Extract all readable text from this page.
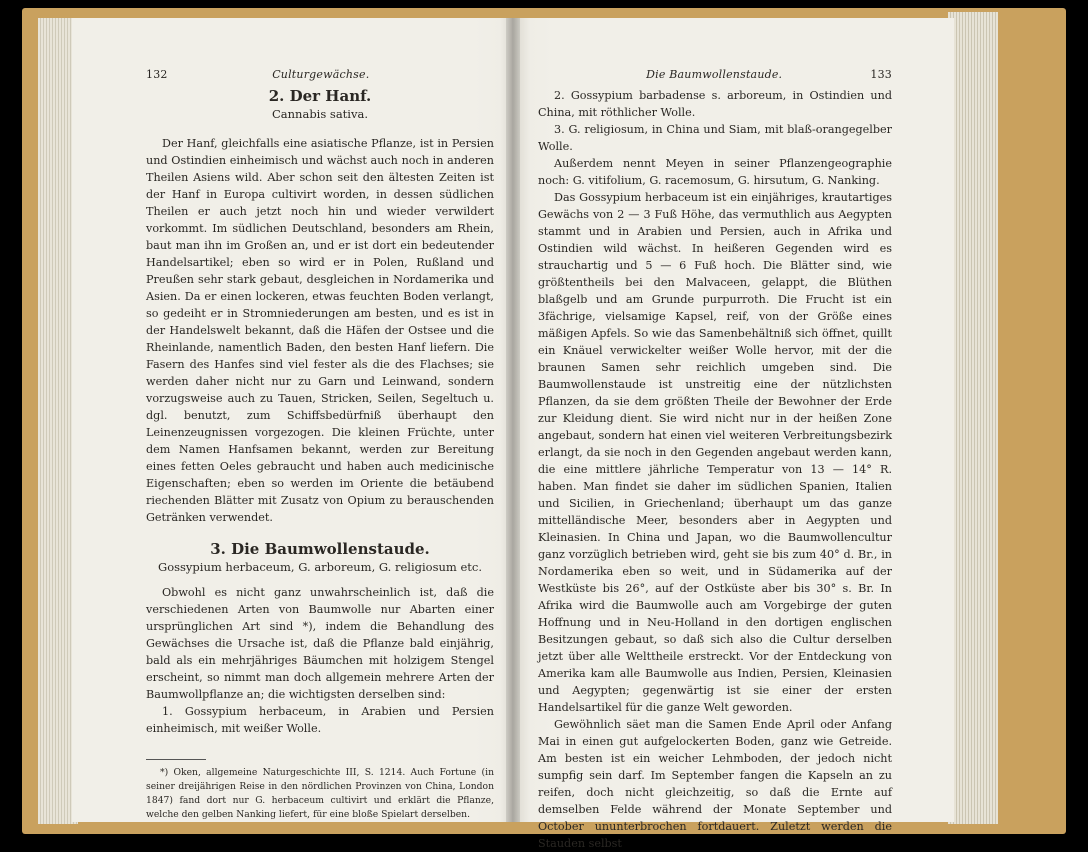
132	Culturgewächse.
2. Der Hanf.
Cannabis sativa.

Der Hanf, gleichfalls eine asiatische Pflanze, ist in Persien und Ostindien einheimisch und wächst auch noch in anderen Theilen Asiens wild. Aber schon seit den ältesten Zeiten ist der Hanf in Europa cultivirt worden, in dessen südlichen Theilen er auch jetzt noch hin und wieder verwildert vorkommt. Im südlichen Deutschland, besonders am Rhein, baut man ihn im Großen an, und er ist dort ein bedeutender Handelsartikel; eben so wird er in Polen, Rußland und Preußen sehr stark gebaut, desgleichen in Nordamerika und Asien. Da er einen lockeren, etwas feuchten Boden verlangt, so gedeiht er in Stromniederungen am besten, und es ist in der Handelswelt bekannt, daß die Häfen der Ostsee und die Rheinlande, namentlich Baden, den besten Hanf liefern. Die Fasern des Hanfes sind viel fester als die des Flachses; sie werden daher nicht nur zu Garn und Leinwand, sondern vorzugsweise auch zu Tauen, Stricken, Seilen, Segeltuch u. dgl. benutzt, zum Schiffsbedürfniß überhaupt den Leinenzeugnissen vorgezogen. Die kleinen Früchte, unter dem Namen Hanfsamen bekannt, werden zur Bereitung eines fetten Oeles gebraucht und haben auch medicinische Eigenschaften; eben so werden im Oriente die betäubend riechenden Blätter mit Zusatz von Opium zu berauschenden Getränken verwendet.

3. Die Baumwollenstaude.
Gossypium herbaceum, G. arboreum, G. religiosum etc.

Obwohl es nicht ganz unwahrscheinlich ist, daß die verschiedenen Arten von Baumwolle nur Abarten einer ursprünglichen Art sind *), indem die Behandlung des Gewächses die Ursache ist, daß die Pflanze bald einjährig, bald als ein mehrjähriges Bäumchen mit holzigem Stengel erscheint, so nimmt man doch allgemein mehrere Arten der Baumwollpflanze an; die wichtigsten derselben sind:

1. Gossypium herbaceum, in Arabien und Persien einheimisch, mit weißer Wolle.

*) Oken, allgemeine Naturgeschichte III, S. 1214. Auch Fortune (in seiner dreijährigen Reise in den nördlichen Provinzen von China, London 1847) fand dort nur G. herbaceum cultivirt und erklärt die Pflanze, welche den gelben Nanking liefert, für eine bloße Spielart derselben.

Die Baumwollenstaude.	133

2. Gossypium barbadense s. arboreum, in Ostindien und China, mit röthlicher Wolle.

3. G. religiosum, in China und Siam, mit blaß-orangegelber Wolle.

Außerdem nennt Meyen in seiner Pflanzengeographie noch: G. vitifolium, G. racemosum, G. hirsutum, G. Nanking.

Das Gossypium herbaceum ist ein einjähriges, krautartiges Gewächs von 2 — 3 Fuß Höhe, das vermuthlich aus Aegypten stammt und in Arabien und Persien, auch in Afrika und Ostindien wild wächst. In heißeren Gegenden wird es strauchartig und 5 — 6 Fuß hoch. Die Blätter sind, wie größtentheils bei den Malvaceen, gelappt, die Blüthen blaßgelb und am Grunde purpurroth. Die Frucht ist ein 3fächrige, vielsamige Kapsel, reif, von der Größe eines mäßigen Apfels. So wie das Samenbehältniß sich öffnet, quillt ein Knäuel verwickelter weißer Wolle hervor, mit der die braunen Samen sehr reichlich umgeben sind. Die Baumwollenstaude ist unstreitig eine der nützlichsten Pflanzen, da sie dem größten Theile der Bewohner der Erde zur Kleidung dient. Sie wird nicht nur in der heißen Zone angebaut, sondern hat einen viel weiteren Verbreitungsbezirk erlangt, da sie noch in den Gegenden angebaut werden kann, die eine mittlere jährliche Temperatur von 13 — 14° R. haben. Man findet sie daher im südlichen Spanien, Italien und Sicilien, in Griechenland; überhaupt um das ganze mittelländische Meer, besonders aber in Aegypten und Kleinasien. In China und Japan, wo die Baumwollencultur ganz vorzüglich betrieben wird, geht sie bis zum 40° d. Br., in Nordamerika eben so weit, und in Südamerika auf der Westküste bis 26°, auf der Ostküste aber bis 30° s. Br. In Afrika wird die Baumwolle auch am Vorgebirge der guten Hoffnung und in Neu-Holland in den dortigen englischen Besitzungen gebaut, so daß sich also die Cultur derselben jetzt über alle Welttheile erstreckt. Vor der Entdeckung von Amerika kam alle Baumwolle aus Indien, Persien, Kleinasien und Aegypten; gegenwärtig ist sie einer der ersten Handelsartikel für die ganze Welt geworden.

Gewöhnlich säet man die Samen Ende April oder Anfang Mai in einen gut aufgelockerten Boden, ganz wie Getreide. Am besten ist ein weicher Lehmboden, der jedoch nicht sumpfig sein darf. Im September fangen die Kapseln an zu reifen, doch nicht gleichzeitig, so daß die Ernte auf demselben Felde während der Monate September und October ununterbrochen fortdauert. Zuletzt werden die Stauden selbst
